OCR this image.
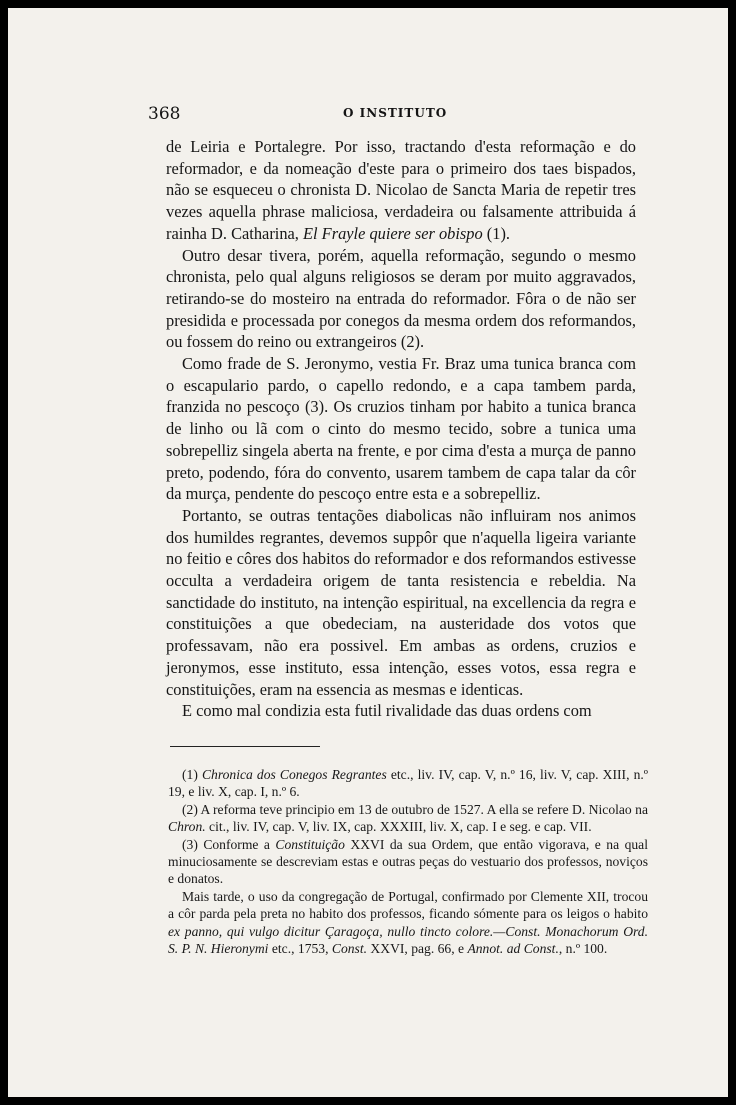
368	O INSTITUTO

de Leiria e Portalegre. Por isso, tractando d'esta reformação e do reformador, e da nomeação d'este para o primeiro dos taes bispados, não se esqueceu o chronista D. Nicolao de Sancta Maria de repetir tres vezes aquella phrase maliciosa, verdadeira ou falsamente attribuida á rainha D. Catharina, El Frayle quiere ser obispo (1).

Outro desar tivera, porém, aquella reformação, segundo o mesmo chronista, pelo qual alguns religiosos se deram por muito aggravados, retirando-se do mosteiro na entrada do reformador. Fôra o de não ser presidida e processada por conegos da mesma ordem dos reformandos, ou fossem do reino ou extrangeiros (2).

Como frade de S. Jeronymo, vestia Fr. Braz uma tunica branca com o escapulario pardo, o capello redondo, e a capa tambem parda, franzida no pescoço (3). Os cruzios tinham por habito a tunica branca de linho ou lã com o cinto do mesmo tecido, sobre a tunica uma sobrepelliz singela aberta na frente, e por cima d'esta a murça de panno preto, podendo, fóra do convento, usarem tambem de capa talar da côr da murça, pendente do pescoço entre esta e a sobrepelliz.

Portanto, se outras tentações diabolicas não influiram nos animos dos humildes regrantes, devemos suppôr que n'aquella ligeira variante no feitio e côres dos habitos do reformador e dos reformandos estivesse occulta a verdadeira origem de tanta resistencia e rebeldia. Na sanctidade do instituto, na intenção espiritual, na excellencia da regra e constituições a que obedeciam, na austeridade dos votos que professavam, não era possivel. Em ambas as ordens, cruzios e jeronymos, esse instituto, essa intenção, esses votos, essa regra e constituições, eram na essencia as mesmas e identicas.

E como mal condizia esta futil rivalidade das duas ordens com

(1) Chronica dos Conegos Regrantes etc., liv. IV, cap. V, n.º 16, liv. V, cap. XIII, n.º 19, e liv. X, cap. I, n.º 6.

(2) A reforma teve principio em 13 de outubro de 1527. A ella se refere D. Nicolao na Chron. cit., liv. IV, cap. V, liv. IX, cap. XXXIII, liv. X, cap. I e seg. e cap. VII.

(3) Conforme a Constituição XXVI da sua Ordem, que então vigorava, e na qual minuciosamente se descreviam estas e outras peças do vestuario dos professos, noviços e donatos.

Mais tarde, o uso da congregação de Portugal, confirmado por Clemente XII, trocou a côr parda pela preta no habito dos professos, ficando sómente para os leigos o habito ex panno, qui vulgo dicitur Çaragoça, nullo tincto colore.—Const. Monachorum Ord. S. P. N. Hieronymi etc., 1753, Const. XXVI, pag. 66, e Annot. ad Const., n.º 100.
